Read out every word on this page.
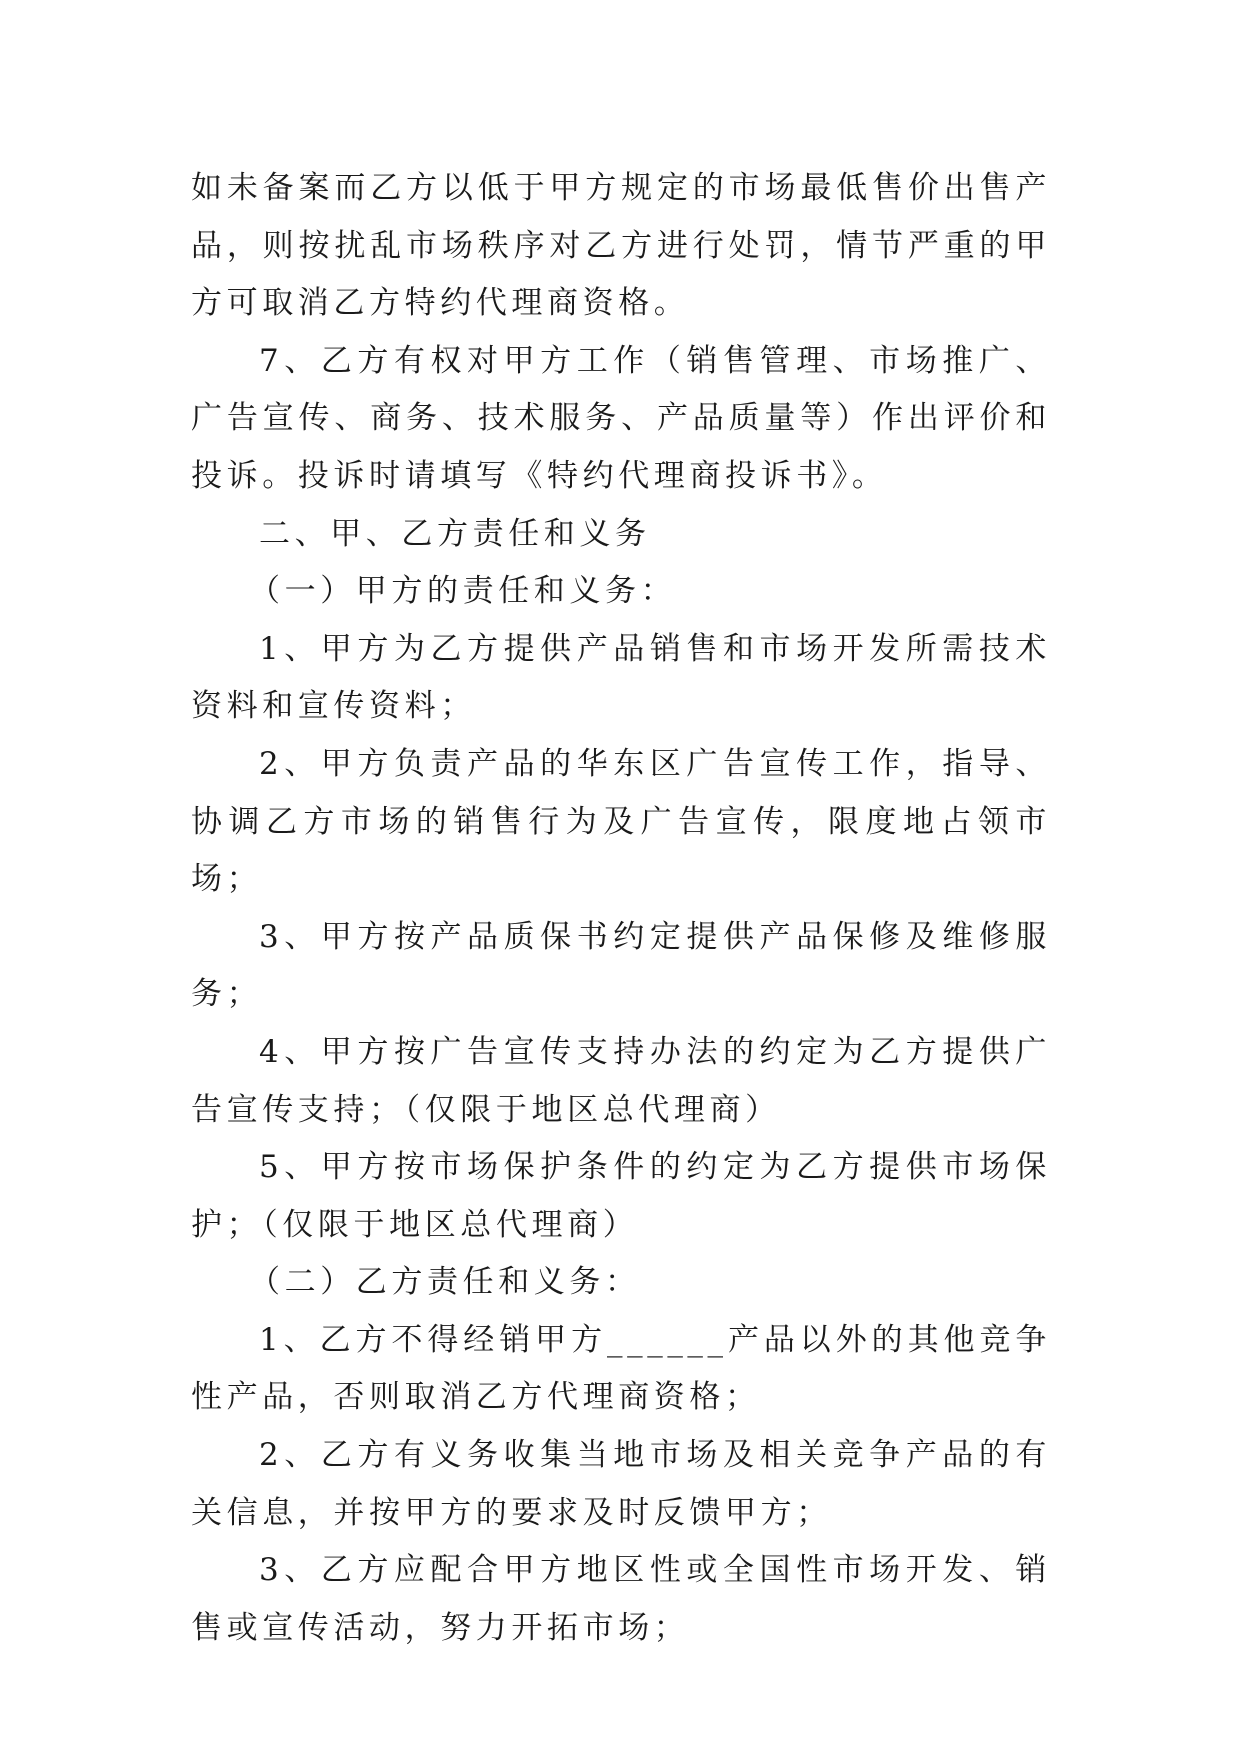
如未备案而乙方以低于甲方规定的市场最低售价出售产品，则按扰乱市场秩序对乙方进行处罚，情节严重的甲方可取消乙方特约代理商资格。

7、乙方有权对甲方工作（销售管理、市场推广、广告宣传、商务、技术服务、产品质量等）作出评价和投诉。投诉时请填写《特约代理商投诉书》。

二、甲、乙方责任和义务

（一）甲方的责任和义务：

1、甲方为乙方提供产品销售和市场开发所需技术资料和宣传资料；

2、甲方负责产品的华东区广告宣传工作，指导、协调乙方市场的销售行为及广告宣传，限度地占领市场；

3、甲方按产品质保书约定提供产品保修及维修服务；

4、甲方按广告宣传支持办法的约定为乙方提供广告宣传支持；（仅限于地区总代理商）

5、甲方按市场保护条件的约定为乙方提供市场保护；（仅限于地区总代理商）

（二）乙方责任和义务：

1、乙方不得经销甲方______产品以外的其他竞争性产品，否则取消乙方代理商资格；

2、乙方有义务收集当地市场及相关竞争产品的有关信息，并按甲方的要求及时反馈甲方；

3、乙方应配合甲方地区性或全国性市场开发、销售或宣传活动，努力开拓市场；
